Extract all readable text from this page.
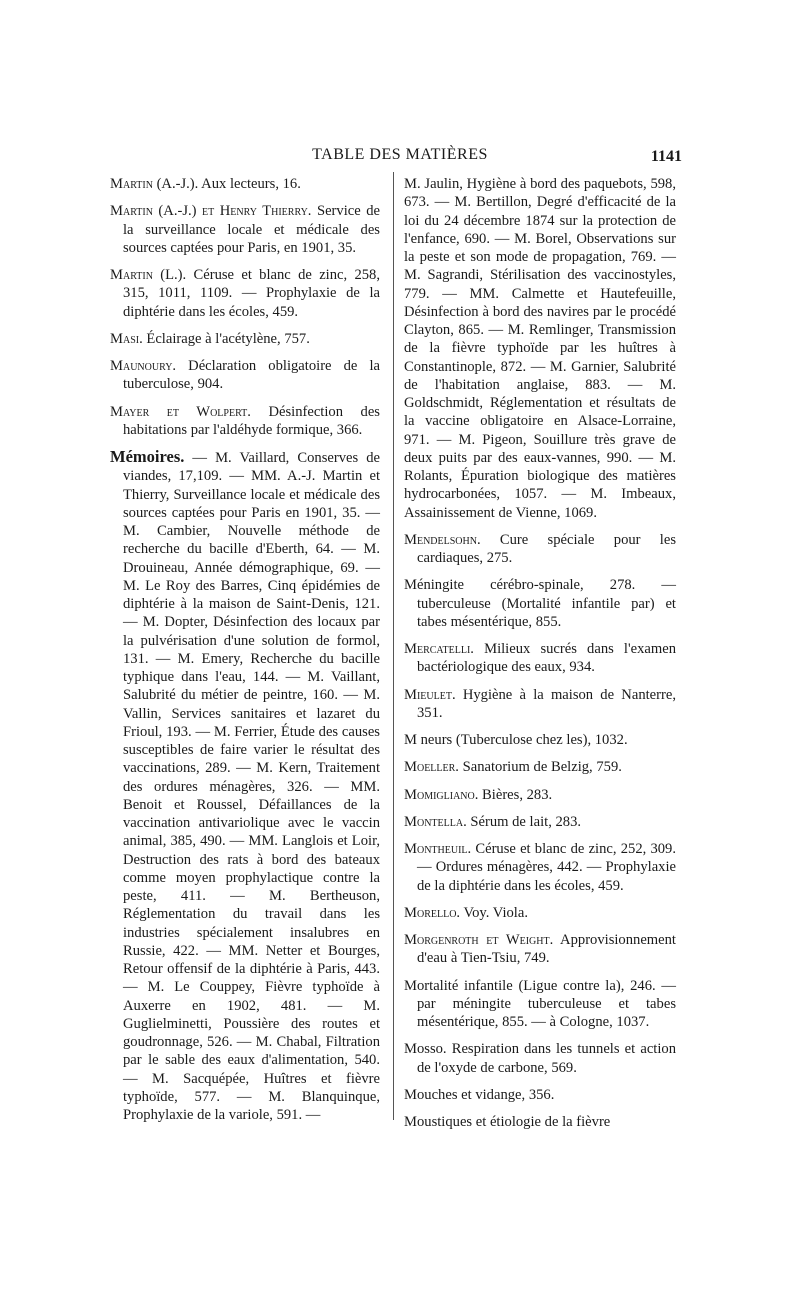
TABLE DES MATIÈRES	1141

Martin (A.-J.). Aux lecteurs, 16.

Martin (A.-J.) et Henry Thierry. Service de la surveillance locale et médicale des sources captées pour Paris, en 1901, 35.

Martin (L.). Céruse et blanc de zinc, 258, 315, 1011, 1109. — Prophylaxie de la diphtérie dans les écoles, 459.

Masi. Éclairage à l'acétylène, 757.

Maunoury. Déclaration obligatoire de la tuberculose, 904.

Mayer et Wolpert. Désinfection des habitations par l'aldéhyde formique, 366.

Mémoires. — M. Vaillard, Conserves de viandes, 17,109. — MM. A.-J. Martin et Thierry, Surveillance locale et médicale des sources captées pour Paris en 1901, 35. — M. Cambier, Nouvelle méthode de recherche du bacille d'Eberth, 64. — M. Drouineau, Année démographique, 69. — M. Le Roy des Barres, Cinq épidémies de diphtérie à la maison de Saint-Denis, 121. — M. Dopter, Désinfection des locaux par la pulvérisation d'une solution de formol, 131. — M. Emery, Recherche du bacille typhique dans l'eau, 144. — M. Vaillant, Salubrité du métier de peintre, 160. — M. Vallin, Services sanitaires et lazaret du Frioul, 193. — M. Ferrier, Étude des causes susceptibles de faire varier le résultat des vaccinations, 289. — M. Kern, Traitement des ordures ménagères, 326. — MM. Benoit et Roussel, Défaillances de la vaccination antivariolique avec le vaccin animal, 385, 490. — MM. Langlois et Loir, Destruction des rats à bord des bateaux comme moyen prophylactique contre la peste, 411. — M. Bertheuson, Réglementation du travail dans les industries spécialement insalubres en Russie, 422. — MM. Netter et Bourges, Retour offensif de la diphtérie à Paris, 443. — M. Le Couppey, Fièvre typhoïde à Auxerre en 1902, 481. — M. Guglielminetti, Poussière des routes et goudronnage, 526. — M. Chabal, Filtration par le sable des eaux d'alimentation, 540. — M. Sacquépée, Huîtres et fièvre typhoïde, 577. — M. Blanquinque, Prophylaxie de la variole, 591. —

M. Jaulin, Hygiène à bord des paquebots, 598, 673. — M. Bertillon, Degré d'efficacité de la loi du 24 décembre 1874 sur la protection de l'enfance, 690. — M. Borel, Observations sur la peste et son mode de propagation, 769. — M. Sagrandi, Stérilisation des vaccinostyles, 779. — MM. Calmette et Hautefeuille, Désinfection à bord des navires par le procédé Clayton, 865. — M. Remlinger, Transmission de la fièvre typhoïde par les huîtres à Constantinople, 872. — M. Garnier, Salubrité de l'habitation anglaise, 883. — M. Goldschmidt, Réglementation et résultats de la vaccine obligatoire en Alsace-Lorraine, 971. — M. Pigeon, Souillure très grave de deux puits par des eaux-vannes, 990. — M. Rolants, Épuration biologique des matières hydrocarbonées, 1057. — M. Imbeaux, Assainissement de Vienne, 1069.

Mendelsohn. Cure spéciale pour les cardiaques, 275.

Méningite cérébro-spinale, 278. — tuberculeuse (Mortalité infantile par) et tabes mésentérique, 855.

Mercatelli. Milieux sucrés dans l'examen bactériologique des eaux, 934.

Mieulet. Hygiène à la maison de Nanterre, 351.

M neurs (Tuberculose chez les), 1032.

Moeller. Sanatorium de Belzig, 759.

Momigliano. Bières, 283.

Montella. Sérum de lait, 283.

Montheuil. Céruse et blanc de zinc, 252, 309. — Ordures ménagères, 442. — Prophylaxie de la diphtérie dans les écoles, 459.

Morello. Voy. Viola.

Morgenroth et Weight. Approvisionnement d'eau à Tien-Tsiu, 749.

Mortalité infantile (Ligue contre la), 246. — par méningite tuberculeuse et tabes mésentérique, 855. — à Cologne, 1037.

Mosso. Respiration dans les tunnels et action de l'oxyde de carbone, 569.

Mouches et vidange, 356.

Moustiques et étiologie de la fièvre
